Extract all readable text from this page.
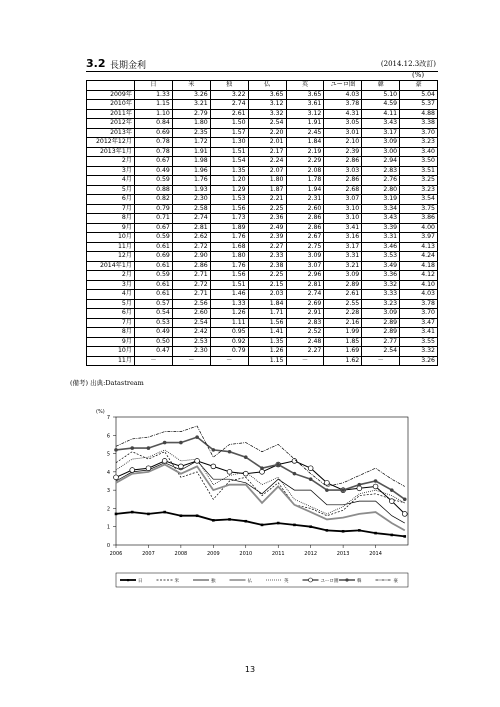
3.2 長期金利	(2014.12.3改訂)
(%)
	日	米	独	仏	英	ユーロ圏	韓	豪
2009年	1.33	3.26	3.22	3.65	3.65	4.03	5.10	5.04
2010年	1.15	3.21	2.74	3.12	3.61	3.78	4.59	5.37
2011年	1.10	2.79	2.61	3.32	3.12	4.31	4.11	4.88
2012年	0.84	1.80	1.50	2.54	1.91	3.05	3.43	3.38
2013年	0.69	2.35	1.57	2.20	2.45	3.01	3.17	3.70
2012年12月	0.78	1.72	1.30	2.01	1.84	2.10	3.09	3.23
2013年1月	0.78	1.91	1.51	2.17	2.19	2.39	3.00	3.40
2月	0.67	1.98	1.54	2.24	2.29	2.86	2.94	3.50
3月	0.49	1.96	1.35	2.07	2.08	3.03	2.83	3.51
4月	0.59	1.76	1.20	1.80	1.78	2.86	2.76	3.25
5月	0.88	1.93	1.29	1.87	1.94	2.68	2.80	3.23
6月	0.82	2.30	1.53	2.21	2.31	3.07	3.19	3.54
7月	0.79	2.58	1.56	2.25	2.60	3.10	3.34	3.75
8月	0.71	2.74	1.73	2.36	2.86	3.10	3.43	3.86
9月	0.67	2.81	1.89	2.49	2.86	3.41	3.39	4.00
10月	0.59	2.62	1.76	2.39	2.67	3.16	3.31	3.97
11月	0.61	2.72	1.68	2.27	2.75	3.17	3.46	4.13
12月	0.69	2.90	1.80	2.33	3.09	3.31	3.53	4.24
2014年1月	0.61	2.86	1.76	2.38	3.07	3.21	3.49	4.18
2月	0.59	2.71	1.56	2.25	2.96	3.09	3.36	4.12
3月	0.61	2.72	1.51	2.15	2.81	2.89	3.32	4.10
4月	0.61	2.71	1.46	2.03	2.74	2.61	3.33	4.03
5月	0.57	2.56	1.33	1.84	2.69	2.55	3.23	3.78
6月	0.54	2.60	1.26	1.71	2.91	2.28	3.09	3.70
7月	0.53	2.54	1.11	1.56	2.83	2.16	2.89	3.47
8月	0.49	2.42	0.95	1.41	2.52	1.99	2.89	3.41
9月	0.50	2.53	0.92	1.35	2.48	1.85	2.77	3.55
10月	0.47	2.30	0.79	1.26	2.27	1.69	2.54	3.32
11月	－	－	－	1.15	－	1.62	－	3.26
(備考) 出典:Datastream
0
1
2
3
4
5
6
7
(%)
2006	2007	2008	2009	2010	2011	2012	2013	2014
日	米	独	仏	英	ユーロ圏	韓	豪
13
